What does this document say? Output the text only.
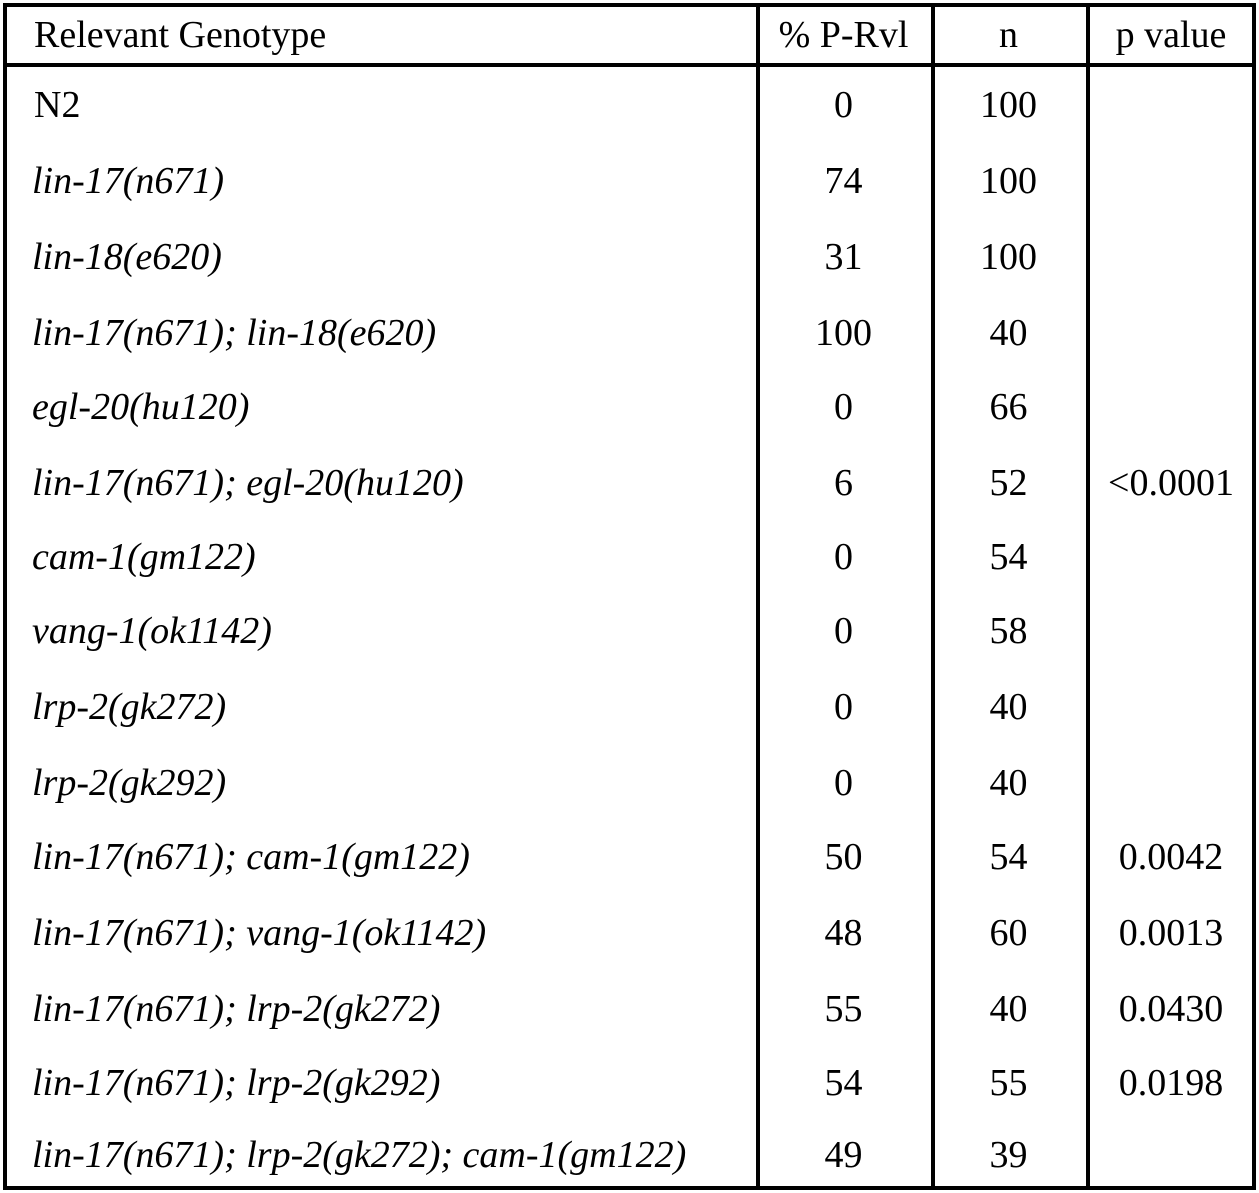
Relevant Genotype	% P-Rvl	n	p value
N2	0	100
lin-17(n671)	74	100
lin-18(e620)	31	100
lin-17(n671); lin-18(e620)	100	40
egl-20(hu120)	0	66
lin-17(n671); egl-20(hu120)	6	52	<0.0001
cam-1(gm122)	0	54
vang-1(ok1142)	0	58
lrp-2(gk272)	0	40
lrp-2(gk292)	0	40
lin-17(n671); cam-1(gm122)	50	54	0.0042
lin-17(n671); vang-1(ok1142)	48	60	0.0013
lin-17(n671); lrp-2(gk272)	55	40	0.0430
lin-17(n671); lrp-2(gk292)	54	55	0.0198
lin-17(n671); lrp-2(gk272); cam-1(gm122)	49	39
